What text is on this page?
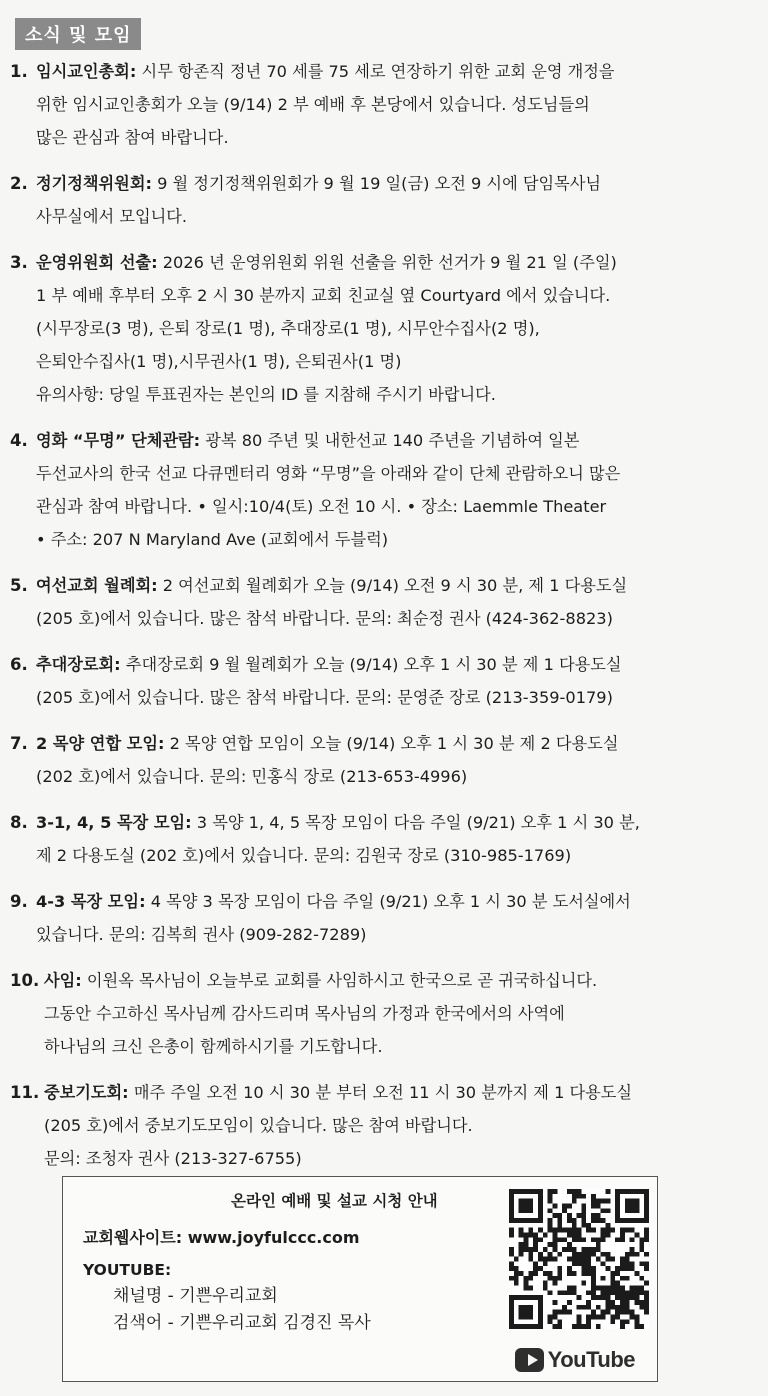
소식 및 모임
1. 임시교인총회: 시무 항존직 정년 70 세를 75 세로 연장하기 위한 교회 운영 개정을
위한 임시교인총회가 오늘 (9/14) 2 부 예배 후 본당에서 있습니다. 성도님들의
많은 관심과 참여 바랍니다.
2. 정기정책위원회: 9 월 정기정책위원회가 9 월 19 일(금) 오전 9 시에 담임목사님
사무실에서 모입니다.
3. 운영위원회 선출: 2026 년 운영위원회 위원 선출을 위한 선거가 9 월 21 일 (주일)
1 부 예배 후부터 오후 2 시 30 분까지 교회 친교실 옆 Courtyard 에서 있습니다.
(시무장로(3 명), 은퇴 장로(1 명), 추대장로(1 명), 시무안수집사(2 명),
은퇴안수집사(1 명),시무권사(1 명), 은퇴권사(1 명)
유의사항: 당일 투표권자는 본인의 ID 를 지참해 주시기 바랍니다.
4. 영화 “무명” 단체관람: 광복 80 주년 및 내한선교 140 주년을 기념하여 일본
두선교사의 한국 선교 다큐멘터리 영화 “무명”을 아래와 같이 단체 관람하오니 많은
관심과 참여 바랍니다. • 일시:10/4(토) 오전 10 시. • 장소: Laemmle Theater
• 주소: 207 N Maryland Ave (교회에서 두블럭)
5. 여선교회 월례회: 2 여선교회 월례회가 오늘 (9/14) 오전 9 시 30 분, 제 1 다용도실
(205 호)에서 있습니다. 많은 참석 바랍니다. 문의: 최순정 권사 (424-362-8823)
6. 추대장로회: 추대장로회 9 월 월례회가 오늘 (9/14) 오후 1 시 30 분 제 1 다용도실
(205 호)에서 있습니다. 많은 참석 바랍니다. 문의: 문영준 장로 (213-359-0179)
7. 2 목양 연합 모임: 2 목양 연합 모임이 오늘 (9/14) 오후 1 시 30 분 제 2 다용도실
(202 호)에서 있습니다. 문의: 민홍식 장로 (213-653-4996)
8. 3-1, 4, 5 목장 모임: 3 목양 1, 4, 5 목장 모임이 다음 주일 (9/21) 오후 1 시 30 분,
제 2 다용도실 (202 호)에서 있습니다. 문의: 김원국 장로 (310-985-1769)
9. 4-3 목장 모임: 4 목양 3 목장 모임이 다음 주일 (9/21) 오후 1 시 30 분 도서실에서
있습니다. 문의: 김복희 권사 (909-282-7289)
10. 사임: 이원옥 목사님이 오늘부로 교회를 사임하시고 한국으로 곧 귀국하십니다.
그동안 수고하신 목사님께 감사드리며 목사님의 가정과 한국에서의 사역에
하나님의 크신 은총이 함께하시기를 기도합니다.
11. 중보기도회: 매주 주일 오전 10 시 30 분 부터 오전 11 시 30 분까지 제 1 다용도실
(205 호)에서 중보기도모임이 있습니다. 많은 참여 바랍니다.
문의: 조청자 권사 (213-327-6755)
온라인 예배 및 설교 시청 안내
교회웹사이트: www.joyfulccc.com
YOUTUBE:
채널명 - 기쁜우리교회
검색어 - 기쁜우리교회 김경진 목사
YouTube
